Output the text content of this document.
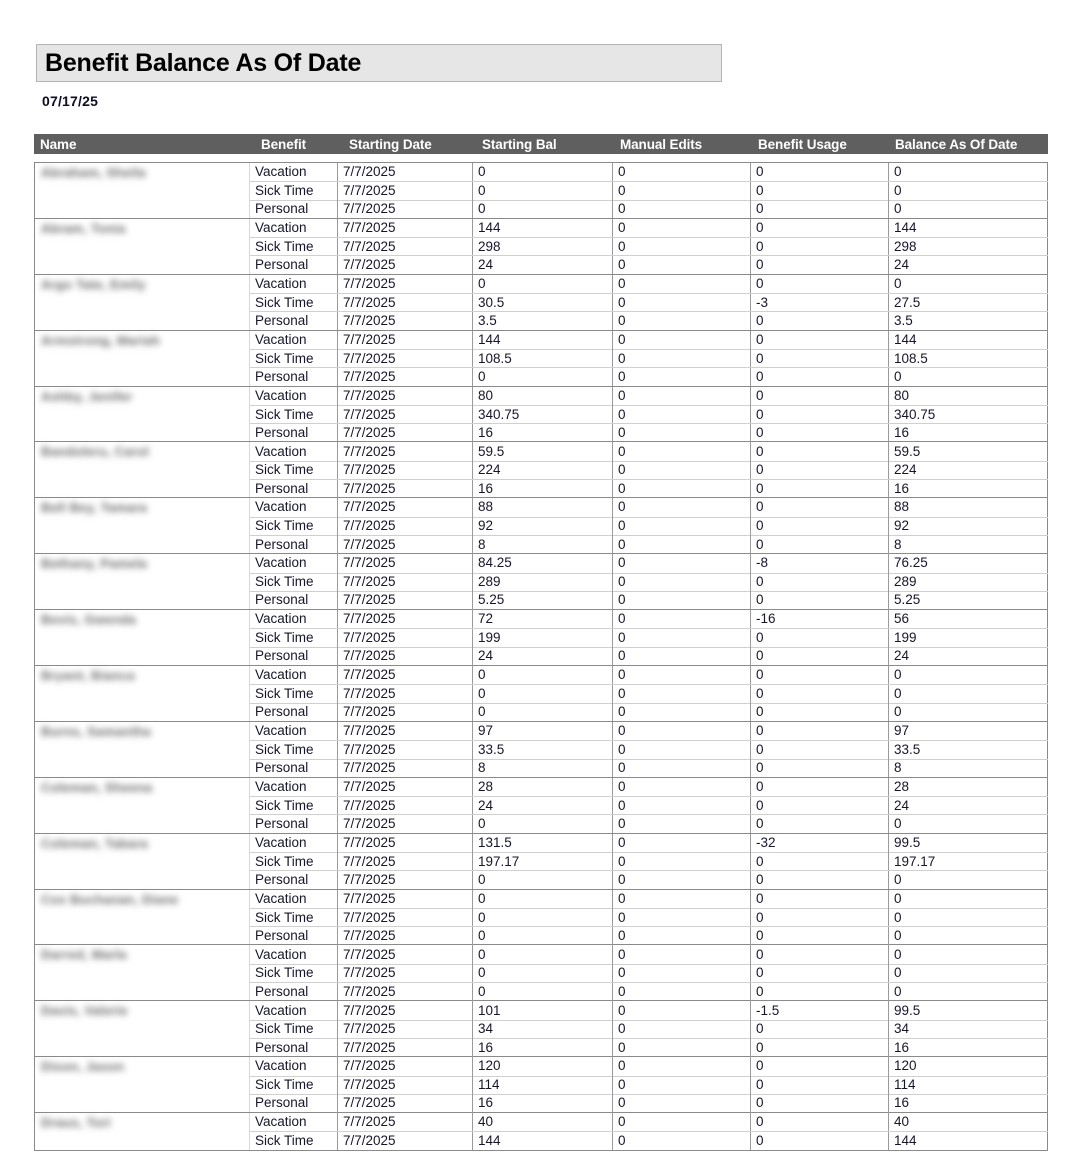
Benefit Balance As Of Date
07/17/25
Name	Benefit	Starting Date	Starting Bal	Manual Edits	Benefit Usage	Balance As Of Date
Abraham, Sheila	Vacation	7/7/2025	0	0	0	0
Sick Time	7/7/2025	0	0	0	0
Personal	7/7/2025	0	0	0	0
Abram, Tonia	Vacation	7/7/2025	144	0	0	144
Sick Time	7/7/2025	298	0	0	298
Personal	7/7/2025	24	0	0	24
Argo Tate, Emily	Vacation	7/7/2025	0	0	0	0
Sick Time	7/7/2025	30.5	0	-3	27.5
Personal	7/7/2025	3.5	0	0	3.5
Armstrong, Mariah	Vacation	7/7/2025	144	0	0	144
Sick Time	7/7/2025	108.5	0	0	108.5
Personal	7/7/2025	0	0	0	0
Ashby, Jenifer	Vacation	7/7/2025	80	0	0	80
Sick Time	7/7/2025	340.75	0	0	340.75
Personal	7/7/2025	16	0	0	16
Bandoleru, Carol	Vacation	7/7/2025	59.5	0	0	59.5
Sick Time	7/7/2025	224	0	0	224
Personal	7/7/2025	16	0	0	16
Bell Bey, Tamara	Vacation	7/7/2025	88	0	0	88
Sick Time	7/7/2025	92	0	0	92
Personal	7/7/2025	8	0	0	8
Bethany, Pamela	Vacation	7/7/2025	84.25	0	-8	76.25
Sick Time	7/7/2025	289	0	0	289
Personal	7/7/2025	5.25	0	0	5.25
Bevis, Gwenda	Vacation	7/7/2025	72	0	-16	56
Sick Time	7/7/2025	199	0	0	199
Personal	7/7/2025	24	0	0	24
Bryant, Bianca	Vacation	7/7/2025	0	0	0	0
Sick Time	7/7/2025	0	0	0	0
Personal	7/7/2025	0	0	0	0
Burns, Samantha	Vacation	7/7/2025	97	0	0	97
Sick Time	7/7/2025	33.5	0	0	33.5
Personal	7/7/2025	8	0	0	8
Coleman, Sheena	Vacation	7/7/2025	28	0	0	28
Sick Time	7/7/2025	24	0	0	24
Personal	7/7/2025	0	0	0	0
Coleman, Tabara	Vacation	7/7/2025	131.5	0	-32	99.5
Sick Time	7/7/2025	197.17	0	0	197.17
Personal	7/7/2025	0	0	0	0
Cox Buchanan, Diane	Vacation	7/7/2025	0	0	0	0
Sick Time	7/7/2025	0	0	0	0
Personal	7/7/2025	0	0	0	0
Darred, Marla	Vacation	7/7/2025	0	0	0	0
Sick Time	7/7/2025	0	0	0	0
Personal	7/7/2025	0	0	0	0
Davis, Valerie	Vacation	7/7/2025	101	0	-1.5	99.5
Sick Time	7/7/2025	34	0	0	34
Personal	7/7/2025	16	0	0	16
Dixon, Jason	Vacation	7/7/2025	120	0	0	120
Sick Time	7/7/2025	114	0	0	114
Personal	7/7/2025	16	0	0	16
Draus, Tori	Vacation	7/7/2025	40	0	0	40
Sick Time	7/7/2025	144	0	0	144
